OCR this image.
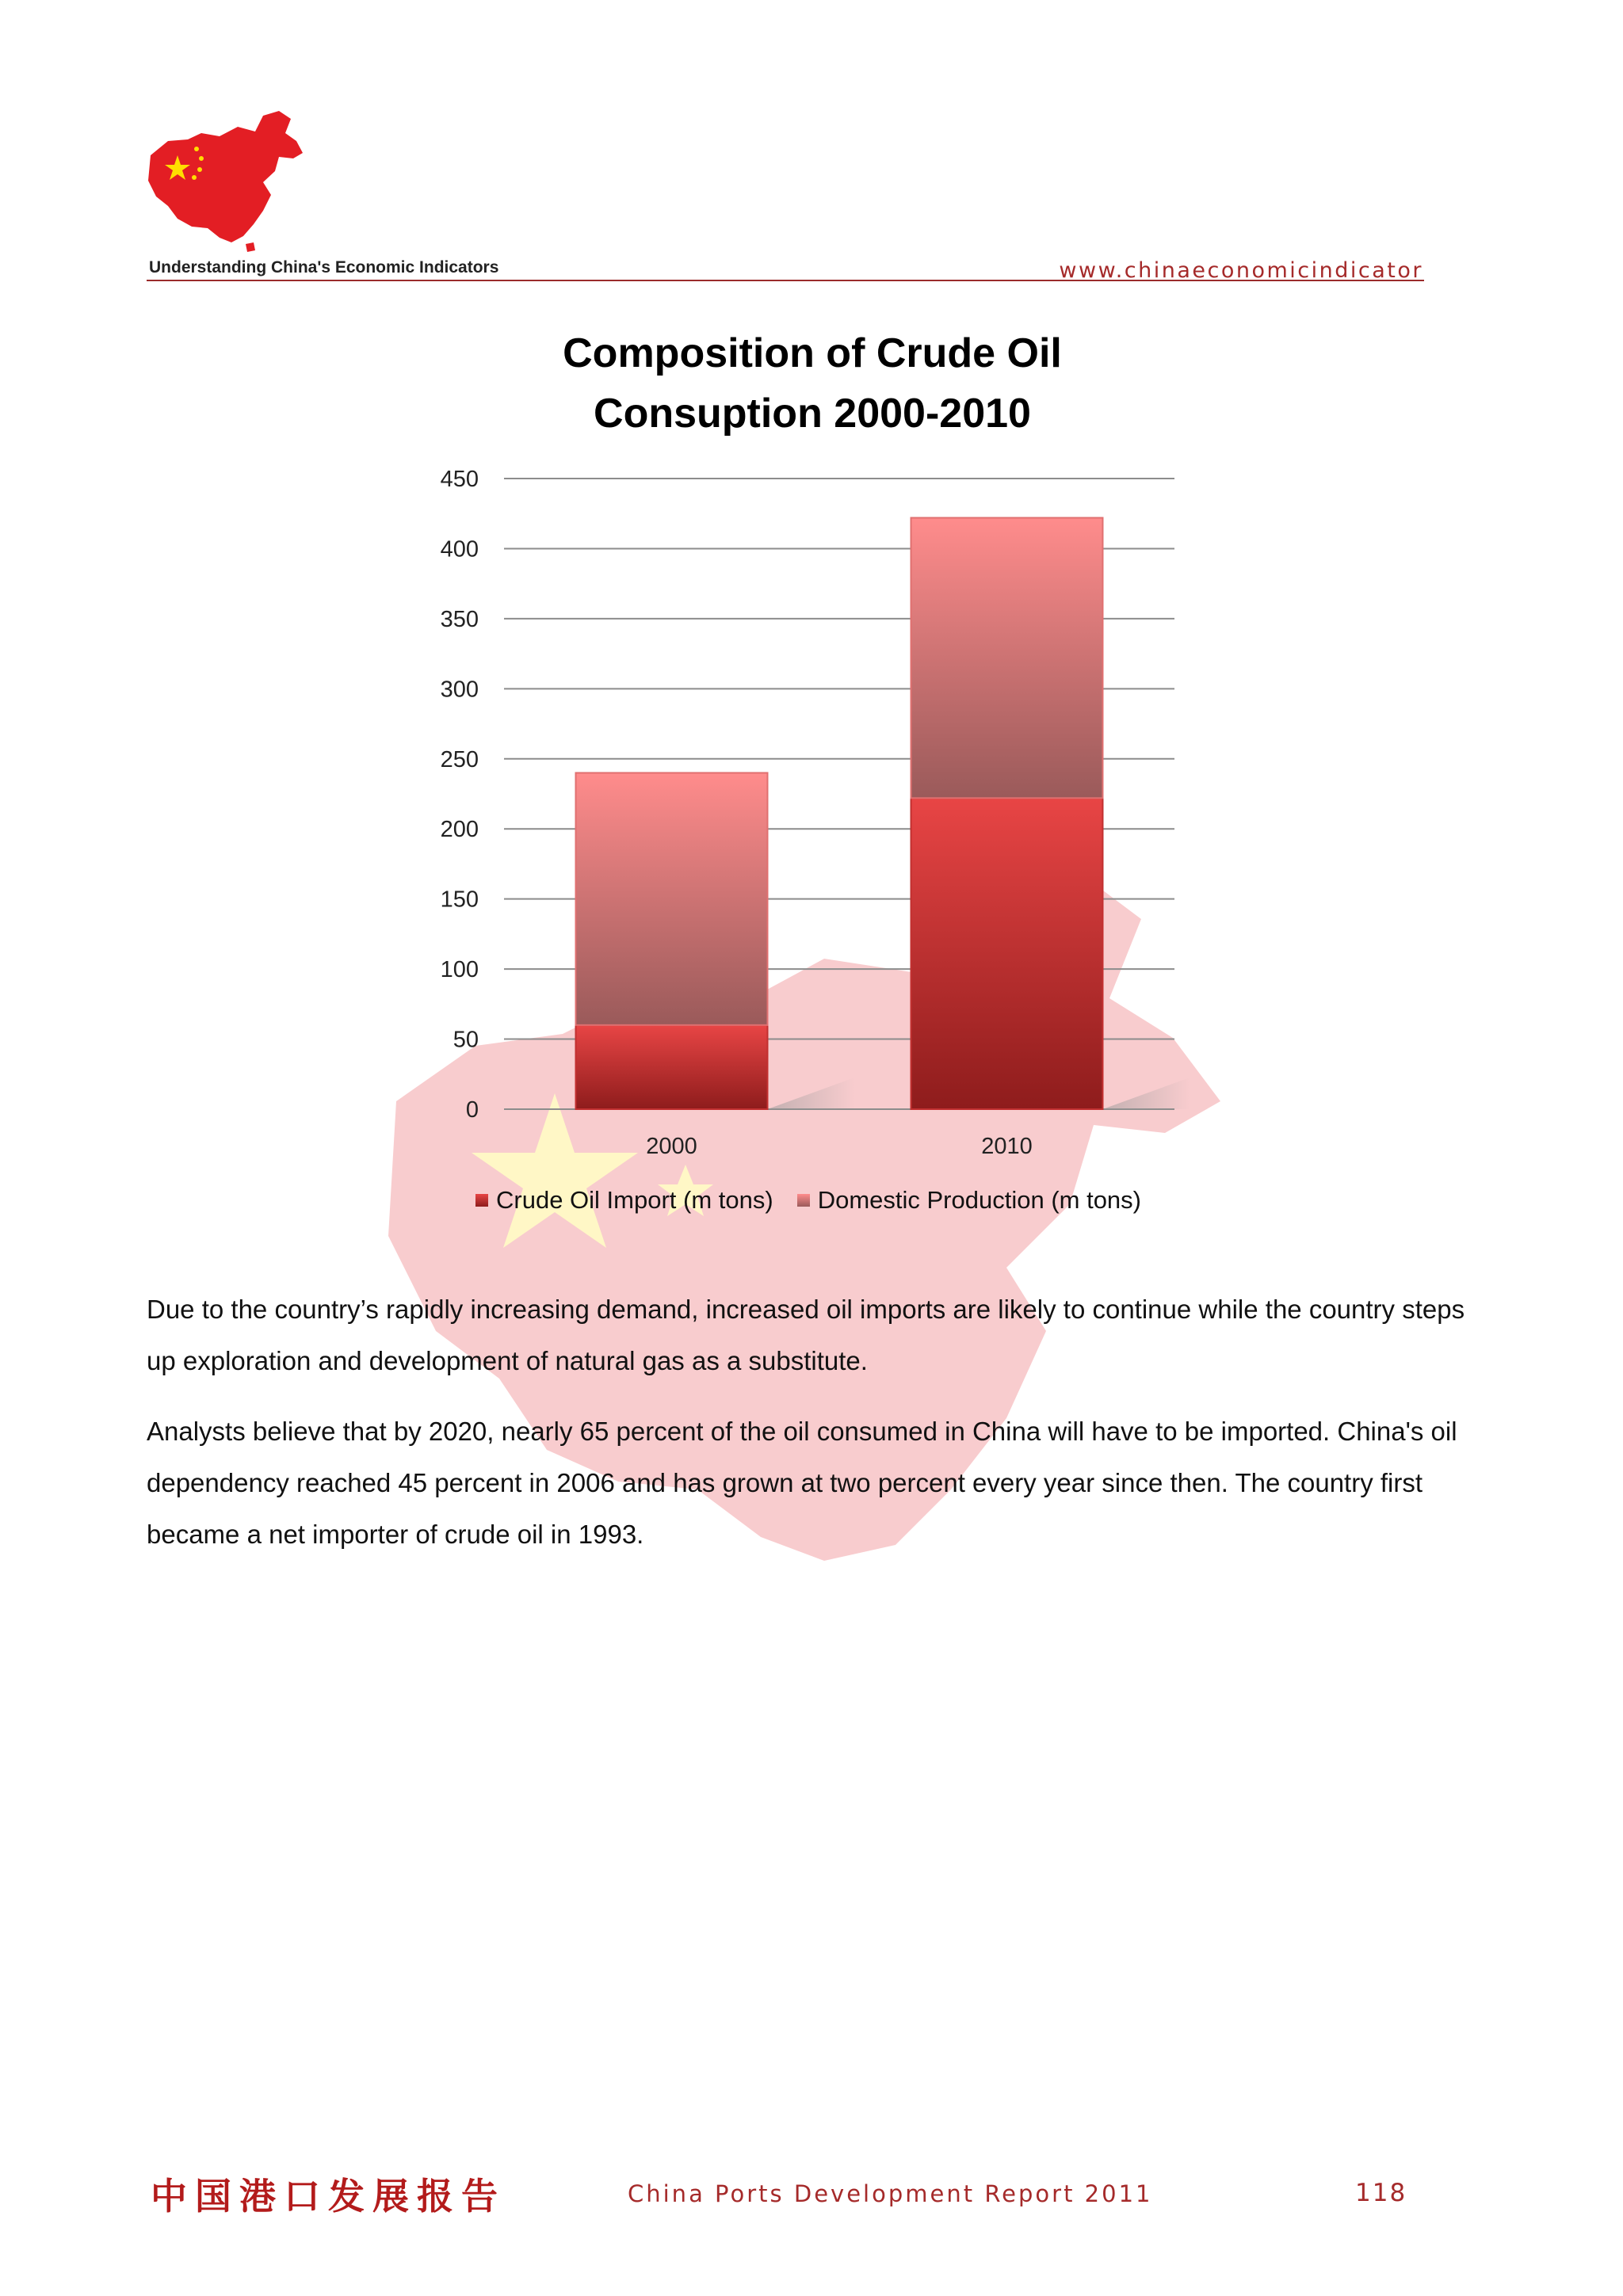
Understanding China's Economic Indicators	www.chinaeconomicindicator
Composition of Crude Oil
Consuption 2000-2010
0
50
100
150
200
250
300
350
400
450
2000	2010
Crude Oil Import (m tons) Domestic Production (m tons)
Due to the country’s rapidly increasing demand, increased oil imports are likely to continue while the country steps up exploration and development of natural gas as a substitute.
Analysts believe that by 2020, nearly 65 percent of the oil consumed in China will have to be imported. China's oil dependency reached 45 percent in 2006 and has grown at two percent every year since then. The country first became a net importer of crude oil in 1993.
中国港口发展报告	China Ports Development Report 2011	118
